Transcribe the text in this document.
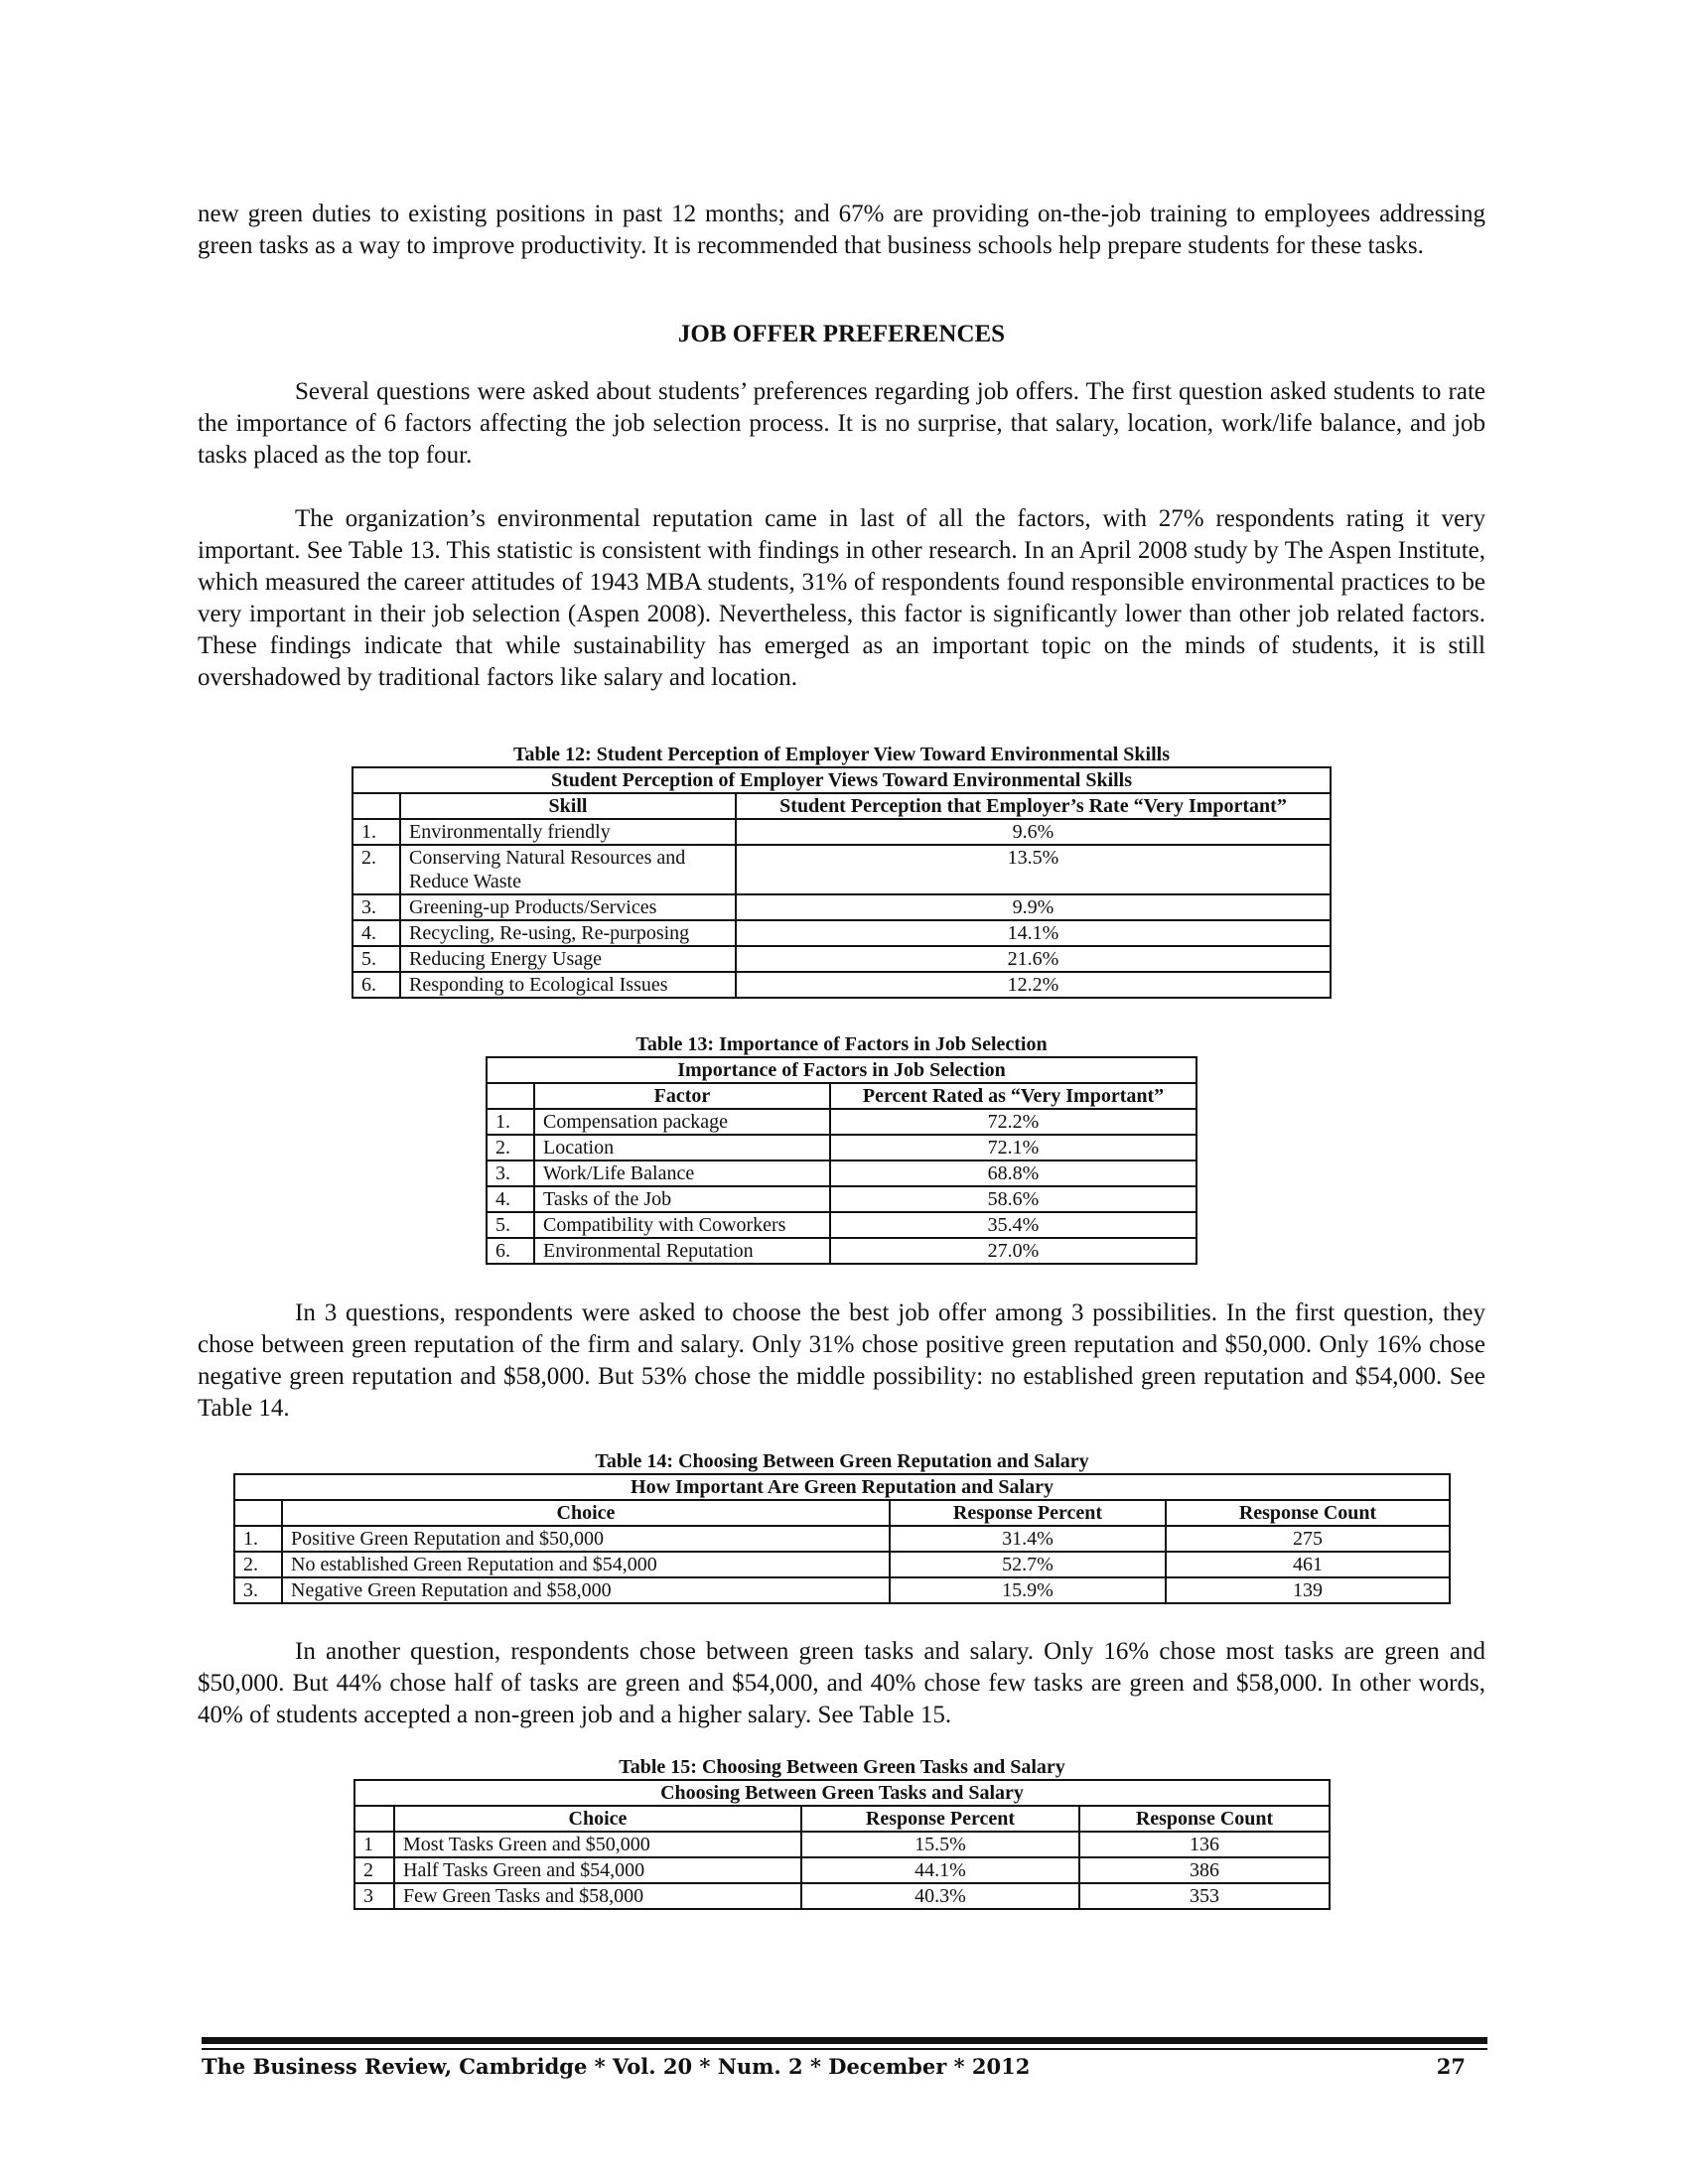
new green duties to existing positions in past 12 months; and 67% are providing on-the-job training to employees addressing green tasks as a way to improve productivity. It is recommended that business schools help prepare students for these tasks.

JOB OFFER PREFERENCES

Several questions were asked about students’ preferences regarding job offers. The first question asked students to rate the importance of 6 factors affecting the job selection process. It is no surprise, that salary, location, work/life balance, and job tasks placed as the top four.

The organization’s environmental reputation came in last of all the factors, with 27% respondents rating it very important. See Table 13. This statistic is consistent with findings in other research. In an April 2008 study by The Aspen Institute, which measured the career attitudes of 1943 MBA students, 31% of respondents found responsible environmental practices to be very important in their job selection (Aspen 2008). Nevertheless, this factor is significantly lower than other job related factors. These findings indicate that while sustainability has emerged as an important topic on the minds of students, it is still overshadowed by traditional factors like salary and location.

Table 12: Student Perception of Employer View Toward Environmental Skills
Student Perception of Employer Views Toward Environmental Skills		
	Skill	Student Perception that Employer’s Rate “Very Important”
1.	Environmentally friendly	9.6%
2.	Conserving Natural Resources and Reduce Waste	13.5%
3.	Greening-up Products/Services	9.9%
4.	Recycling, Re-using, Re-purposing	14.1%
5.	Reducing Energy Usage	21.6%
6.	Responding to Ecological Issues	12.2%
Table 13: Importance of Factors in Job Selection
Importance of Factors in Job Selection		
	Factor	Percent Rated as “Very Important”
1.	Compensation package	72.2%
2.	Location	72.1%
3.	Work/Life Balance	68.8%
4.	Tasks of the Job	58.6%
5.	Compatibility with Coworkers	35.4%
6.	Environmental Reputation	27.0%

In 3 questions, respondents were asked to choose the best job offer among 3 possibilities. In the first question, they chose between green reputation of the firm and salary. Only 31% chose positive green reputation and $50,000. Only 16% chose negative green reputation and $58,000. But 53% chose the middle possibility: no established green reputation and $54,000. See Table 14.

Table 14: Choosing Between Green Reputation and Salary
How Important Are Green Reputation and Salary			
	Choice	Response Percent	Response Count
1.	Positive Green Reputation and $50,000	31.4%	275
2.	No established Green Reputation and $54,000	52.7%	461
3.	Negative Green Reputation and $58,000	15.9%	139

In another question, respondents chose between green tasks and salary. Only 16% chose most tasks are green and $50,000. But 44% chose half of tasks are green and $54,000, and 40% chose few tasks are green and $58,000. In other words, 40% of students accepted a non-green job and a higher salary. See Table 15.

Table 15: Choosing Between Green Tasks and Salary
Choosing Between Green Tasks and Salary			
	Choice	Response Percent	Response Count
1	Most Tasks Green and $50,000	15.5%	136
2	Half Tasks Green and $54,000	44.1%	386
3	Few Green Tasks and $58,000	40.3%	353
The Business Review, Cambridge * Vol. 20 * Num. 2 * December * 2012	27
